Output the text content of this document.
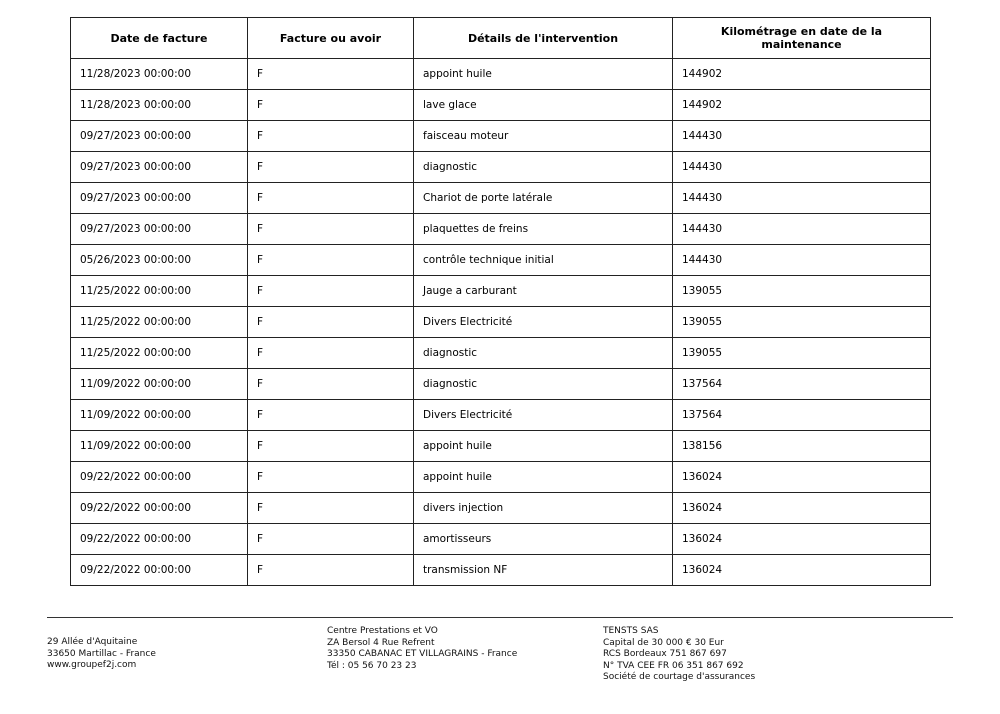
Date de facture	Facture ou avoir	Détails de l'intervention	Kilométrage en date de la maintenance
11/28/2023 00:00:00	F	appoint huile	144902
11/28/2023 00:00:00	F	lave glace	144902
09/27/2023 00:00:00	F	faisceau moteur	144430
09/27/2023 00:00:00	F	diagnostic	144430
09/27/2023 00:00:00	F	Chariot de porte latérale	144430
09/27/2023 00:00:00	F	plaquettes de freins	144430
05/26/2023 00:00:00	F	contrôle technique initial	144430
11/25/2022 00:00:00	F	Jauge a carburant	139055
11/25/2022 00:00:00	F	Divers Electricité	139055
11/25/2022 00:00:00	F	diagnostic	139055
11/09/2022 00:00:00	F	diagnostic	137564
11/09/2022 00:00:00	F	Divers Electricité	137564
11/09/2022 00:00:00	F	appoint huile	138156
09/22/2022 00:00:00	F	appoint huile	136024
09/22/2022 00:00:00	F	divers injection	136024
09/22/2022 00:00:00	F	amortisseurs	136024
09/22/2022 00:00:00	F	transmission NF	136024
29 Allée d'Aquitaine
33650 Martillac - France
www.groupef2j.com
Centre Prestations et VO
ZA Bersol 4 Rue Refrent
33350 CABANAC ET VILLAGRAINS - France
Tél : 05 56 70 23 23
TENSTS SAS
Capital de 30 000 € 30 Eur
RCS Bordeaux 751 867 697
N° TVA CEE FR 06 351 867 692
Société de courtage d'assurances
